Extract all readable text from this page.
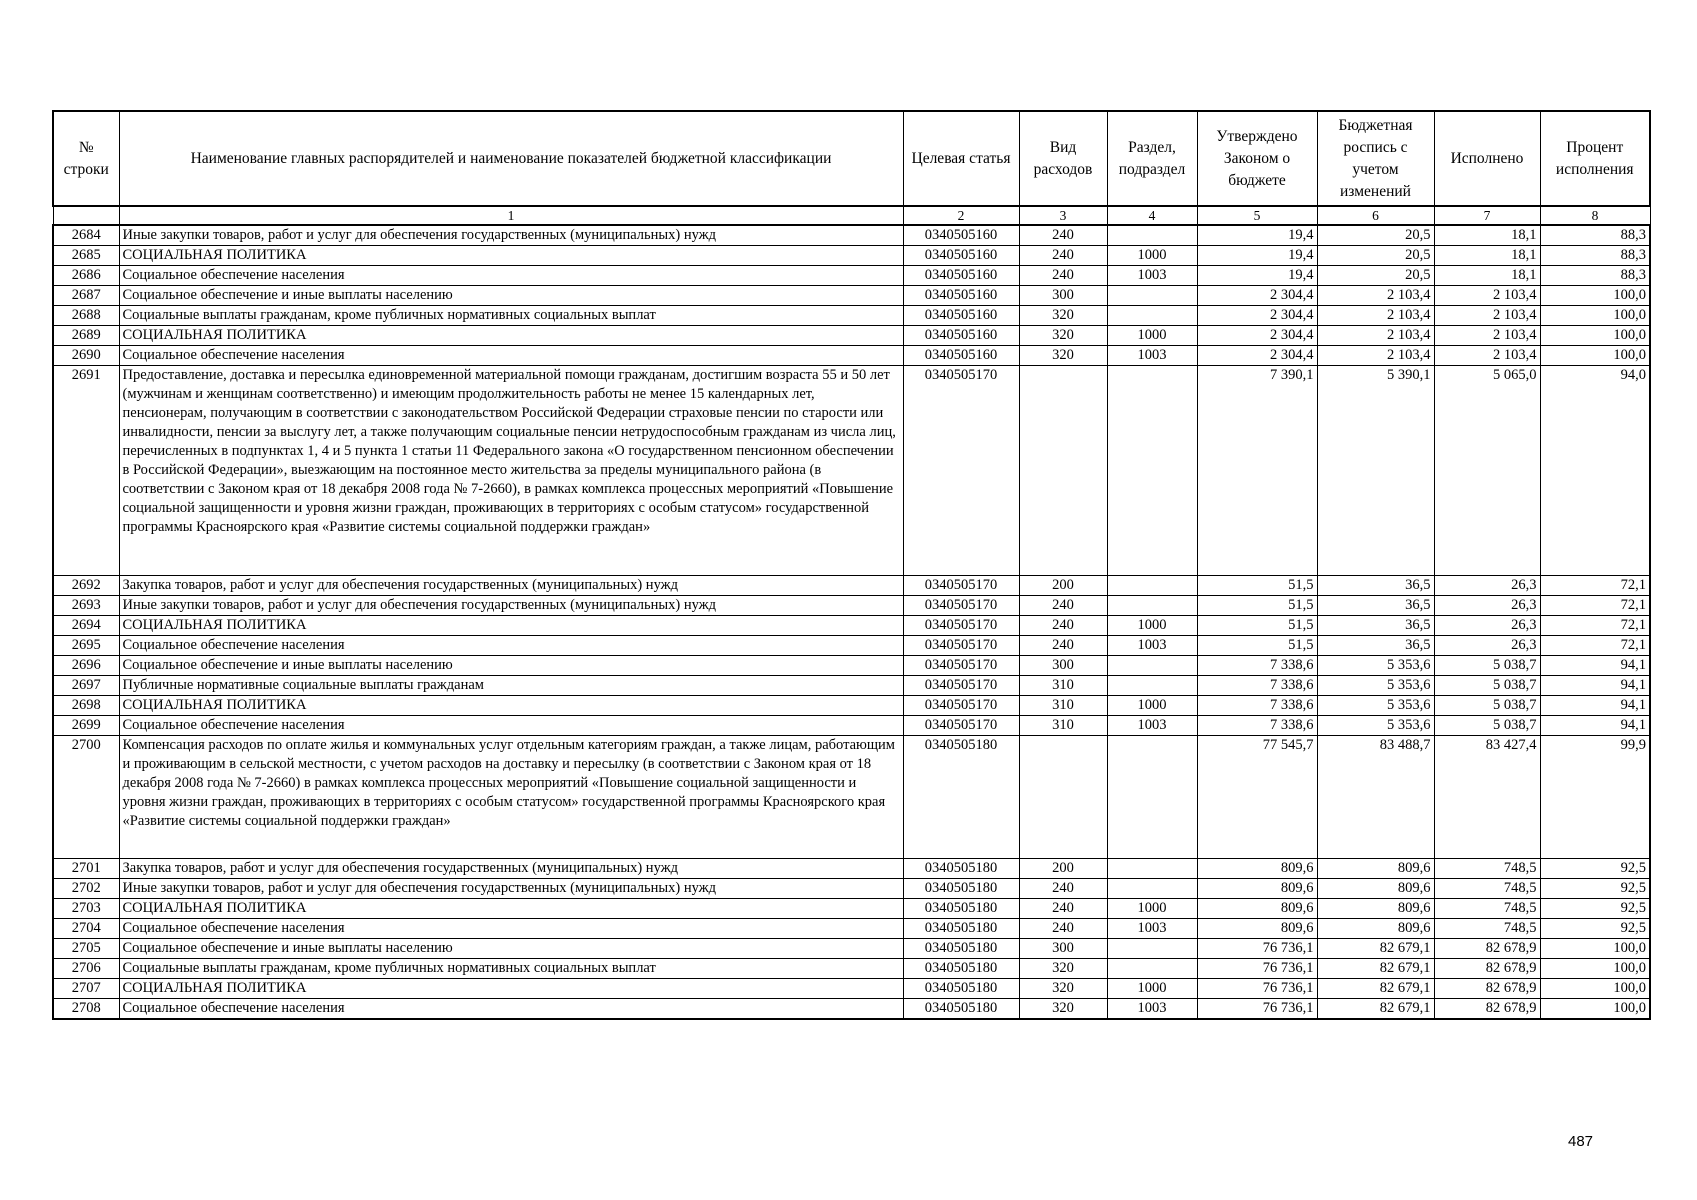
№ строки	Наименование главных распорядителей и наименование показателей бюджетной классификации	Целевая статья	Вид расходов	Раздел, подраздел	Утверждено Законом о бюджете	Бюджетная роспись с учетом изменений	Исполнено	Процент исполнения
	1	2	3	4	5	6	7	8
2684	Иные закупки товаров, работ и услуг для обеспечения государственных (муниципальных) нужд	0340505160	240		19,4	20,5	18,1	88,3
2685	СОЦИАЛЬНАЯ ПОЛИТИКА	0340505160	240	1000	19,4	20,5	18,1	88,3
2686	Социальное обеспечение населения	0340505160	240	1003	19,4	20,5	18,1	88,3
2687	Социальное обеспечение и иные выплаты населению	0340505160	300		2 304,4	2 103,4	2 103,4	100,0
2688	Социальные выплаты гражданам, кроме публичных нормативных социальных выплат	0340505160	320		2 304,4	2 103,4	2 103,4	100,0
2689	СОЦИАЛЬНАЯ ПОЛИТИКА	0340505160	320	1000	2 304,4	2 103,4	2 103,4	100,0
2690	Социальное обеспечение населения	0340505160	320	1003	2 304,4	2 103,4	2 103,4	100,0
2691	Предоставление, доставка и пересылка единовременной материальной помощи гражданам, достигшим возраста 55 и 50 лет (мужчинам и женщинам соответственно) и имеющим продолжительность работы не менее 15 календарных лет, пенсионерам, получающим в соответствии с законодательством Российской Федерации страховые пенсии по старости или инвалидности, пенсии за выслугу лет, а также получающим социальные пенсии нетрудоспособным гражданам из числа лиц, перечисленных в подпунктах 1, 4 и 5 пункта 1 статьи 11 Федерального закона «О государственном пенсионном обеспечении в Российской Федерации», выезжающим на постоянное место жительства за пределы муниципального района (в соответствии с Законом края от 18 декабря 2008 года № 7-2660), в рамках комплекса процессных мероприятий «Повышение социальной защищенности и уровня жизни граждан, проживающих в территориях с особым статусом» государственной программы Красноярского края «Развитие системы социальной поддержки граждан»	0340505170			7 390,1	5 390,1	5 065,0	94,0
2692	Закупка товаров, работ и услуг для обеспечения государственных (муниципальных) нужд	0340505170	200		51,5	36,5	26,3	72,1
2693	Иные закупки товаров, работ и услуг для обеспечения государственных (муниципальных) нужд	0340505170	240		51,5	36,5	26,3	72,1
2694	СОЦИАЛЬНАЯ ПОЛИТИКА	0340505170	240	1000	51,5	36,5	26,3	72,1
2695	Социальное обеспечение населения	0340505170	240	1003	51,5	36,5	26,3	72,1
2696	Социальное обеспечение и иные выплаты населению	0340505170	300		7 338,6	5 353,6	5 038,7	94,1
2697	Публичные нормативные социальные выплаты гражданам	0340505170	310		7 338,6	5 353,6	5 038,7	94,1
2698	СОЦИАЛЬНАЯ ПОЛИТИКА	0340505170	310	1000	7 338,6	5 353,6	5 038,7	94,1
2699	Социальное обеспечение населения	0340505170	310	1003	7 338,6	5 353,6	5 038,7	94,1
2700	Компенсация расходов по оплате жилья и коммунальных услуг отдельным категориям граждан, а также лицам, работающим и проживающим в сельской местности, с учетом расходов на доставку и пересылку (в соответствии с Законом края от 18 декабря 2008 года № 7-2660) в рамках комплекса процессных мероприятий «Повышение социальной защищенности и уровня жизни граждан, проживающих в территориях с особым статусом» государственной программы Красноярского края «Развитие системы социальной поддержки граждан»	0340505180			77 545,7	83 488,7	83 427,4	99,9
2701	Закупка товаров, работ и услуг для обеспечения государственных (муниципальных) нужд	0340505180	200		809,6	809,6	748,5	92,5
2702	Иные закупки товаров, работ и услуг для обеспечения государственных (муниципальных) нужд	0340505180	240		809,6	809,6	748,5	92,5
2703	СОЦИАЛЬНАЯ ПОЛИТИКА	0340505180	240	1000	809,6	809,6	748,5	92,5
2704	Социальное обеспечение населения	0340505180	240	1003	809,6	809,6	748,5	92,5
2705	Социальное обеспечение и иные выплаты населению	0340505180	300		76 736,1	82 679,1	82 678,9	100,0
2706	Социальные выплаты гражданам, кроме публичных нормативных социальных выплат	0340505180	320		76 736,1	82 679,1	82 678,9	100,0
2707	СОЦИАЛЬНАЯ ПОЛИТИКА	0340505180	320	1000	76 736,1	82 679,1	82 678,9	100,0
2708	Социальное обеспечение населения	0340505180	320	1003	76 736,1	82 679,1	82 678,9	100,0
487
